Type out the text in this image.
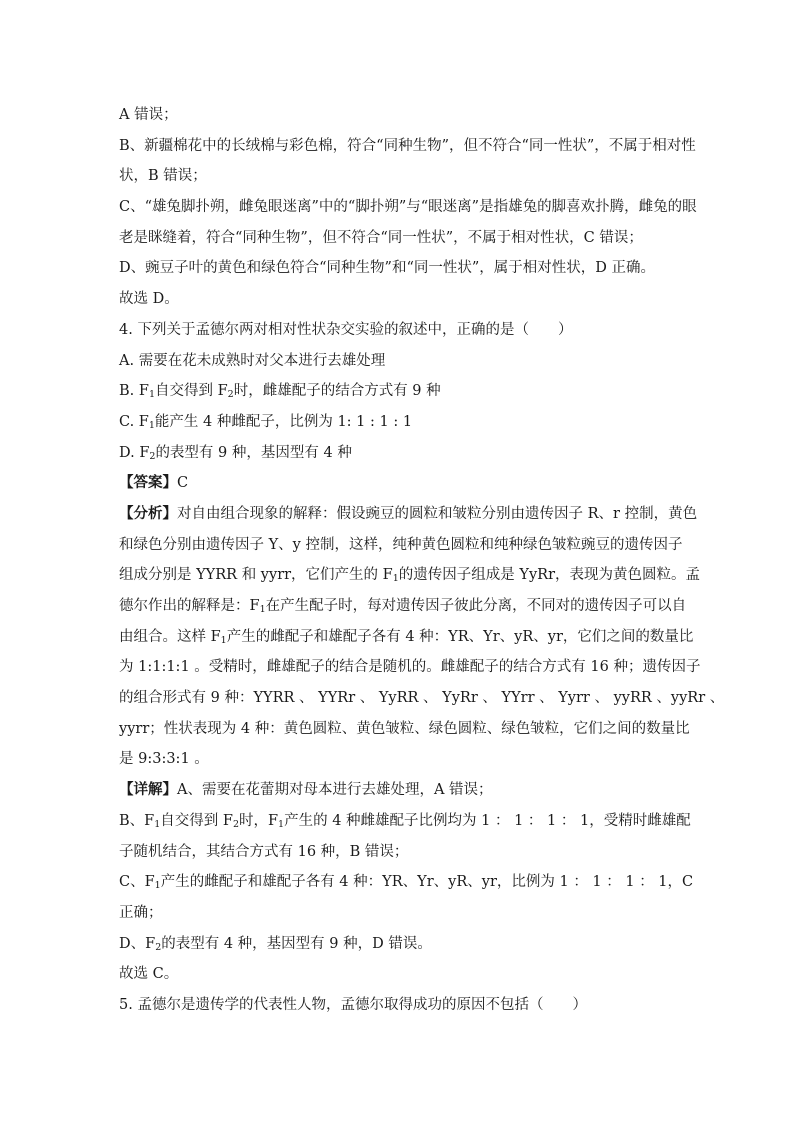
A 错误；
B、新疆棉花中的长绒棉与彩色棉，符合“同种生物”，但不符合“同一性状”，不属于相对性
状，B 错误；
C、“雄兔脚扑朔，雌兔眼迷离”中的“脚扑朔”与“眼迷离”是指雄兔的脚喜欢扑腾，雌兔的眼
老是眯缝着，符合“同种生物”，但不符合“同一性状”，不属于相对性状，C 错误；
D、豌豆子叶的黄色和绿色符合“同种生物”和“同一性状”，属于相对性状，D 正确。
故选 D。
4. 下列关于孟德尔两对相对性状杂交实验的叙述中，正确的是（　　）
A. 需要在花未成熟时对父本进行去雄处理
B. $F_1$自交得到 $F_2$时，雌雄配子的结合方式有 9 种
C. $F_1$能产生 4 种雌配子，比例为 1: 1 : 1 : 1
D. $F_2$的表型有 9 种，基因型有 4 种
【答案】C
【分析】对自由组合现象的解释：假设豌豆的圆粒和皱粒分别由遗传因子 R、r 控制，黄色
和绿色分别由遗传因子 Y、y 控制，这样，纯种黄色圆粒和纯种绿色皱粒豌豆的遗传因子
组成分别是 YYRR 和 yyrr，它们产生的 $F_1$的遗传因子组成是 YyRr，表现为黄色圆粒。孟
德尔作出的解释是：$F_1$在产生配子时，每对遗传因子彼此分离，不同对的遗传因子可以自
由组合。这样 $F_1$产生的雌配子和雄配子各有 4 种：YR、Yr、yR、yr，它们之间的数量比
为 1:1:1:1 。受精时，雌雄配子的结合是随机的。雌雄配子的结合方式有 16 种；遗传因子
的组合形式有 9 种：YYRR 、 YYRr 、 YyRR 、 YyRr 、 YYrr 、 Yyrr 、 yyRR 、yyRr 、
yyrr；性状表现为 4 种：黄色圆粒、黄色皱粒、绿色圆粒、绿色皱粒，它们之间的数量比
是 9:3:3:1 。
【详解】A、需要在花蕾期对母本进行去雄处理，A 错误；
B、$F_1$自交得到 $F_2$时，$F_1$产生的 4 种雌雄配子比例均为 1 ： 1 ： 1 ： 1，受精时雌雄配
子随机结合，其结合方式有 16 种，B 错误；
C、$F_1$产生的雌配子和雄配子各有 4 种：YR、Yr、yR、yr，比例为 1 ： 1 ： 1 ： 1，C
正确；
D、$F_2$的表型有 4 种，基因型有 9 种，D 错误。
故选 C。
5. 孟德尔是遗传学的代表性人物，孟德尔取得成功的原因不包括（　　）
